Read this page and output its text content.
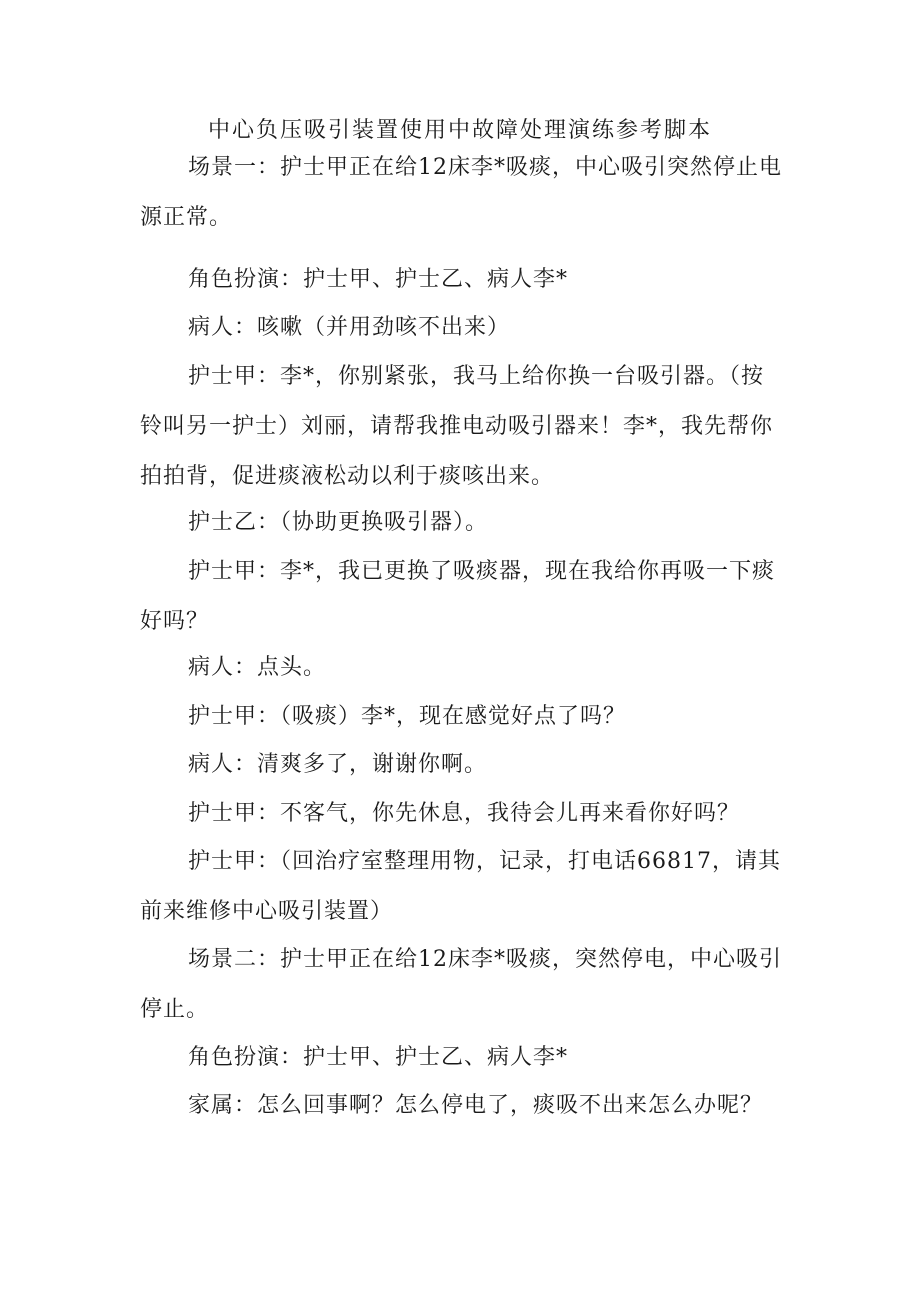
中心负压吸引装置使用中故障处理演练参考脚本

场景一：护士甲正在给12床李*吸痰，中心吸引突然停止电源正常。

角色扮演：护士甲、护士乙、病人李*

病人：咳嗽（并用劲咳不出来）

护士甲：李*，你别紧张，我马上给你换一台吸引器。（按铃叫另一护士）刘丽，请帮我推电动吸引器来！李*，我先帮你拍拍背，促进痰液松动以利于痰咳出来。

护士乙：（协助更换吸引器）。

护士甲：李*，我已更换了吸痰器，现在我给你再吸一下痰好吗？

病人：点头。

护士甲：（吸痰）李*，现在感觉好点了吗？

病人：清爽多了，谢谢你啊。

护士甲：不客气，你先休息，我待会儿再来看你好吗？

护士甲：（回治疗室整理用物，记录，打电话66817，请其前来维修中心吸引装置）

场景二：护士甲正在给12床李*吸痰，突然停电，中心吸引停止。

角色扮演：护士甲、护士乙、病人李*

家属：怎么回事啊？怎么停电了，痰吸不出来怎么办呢？
